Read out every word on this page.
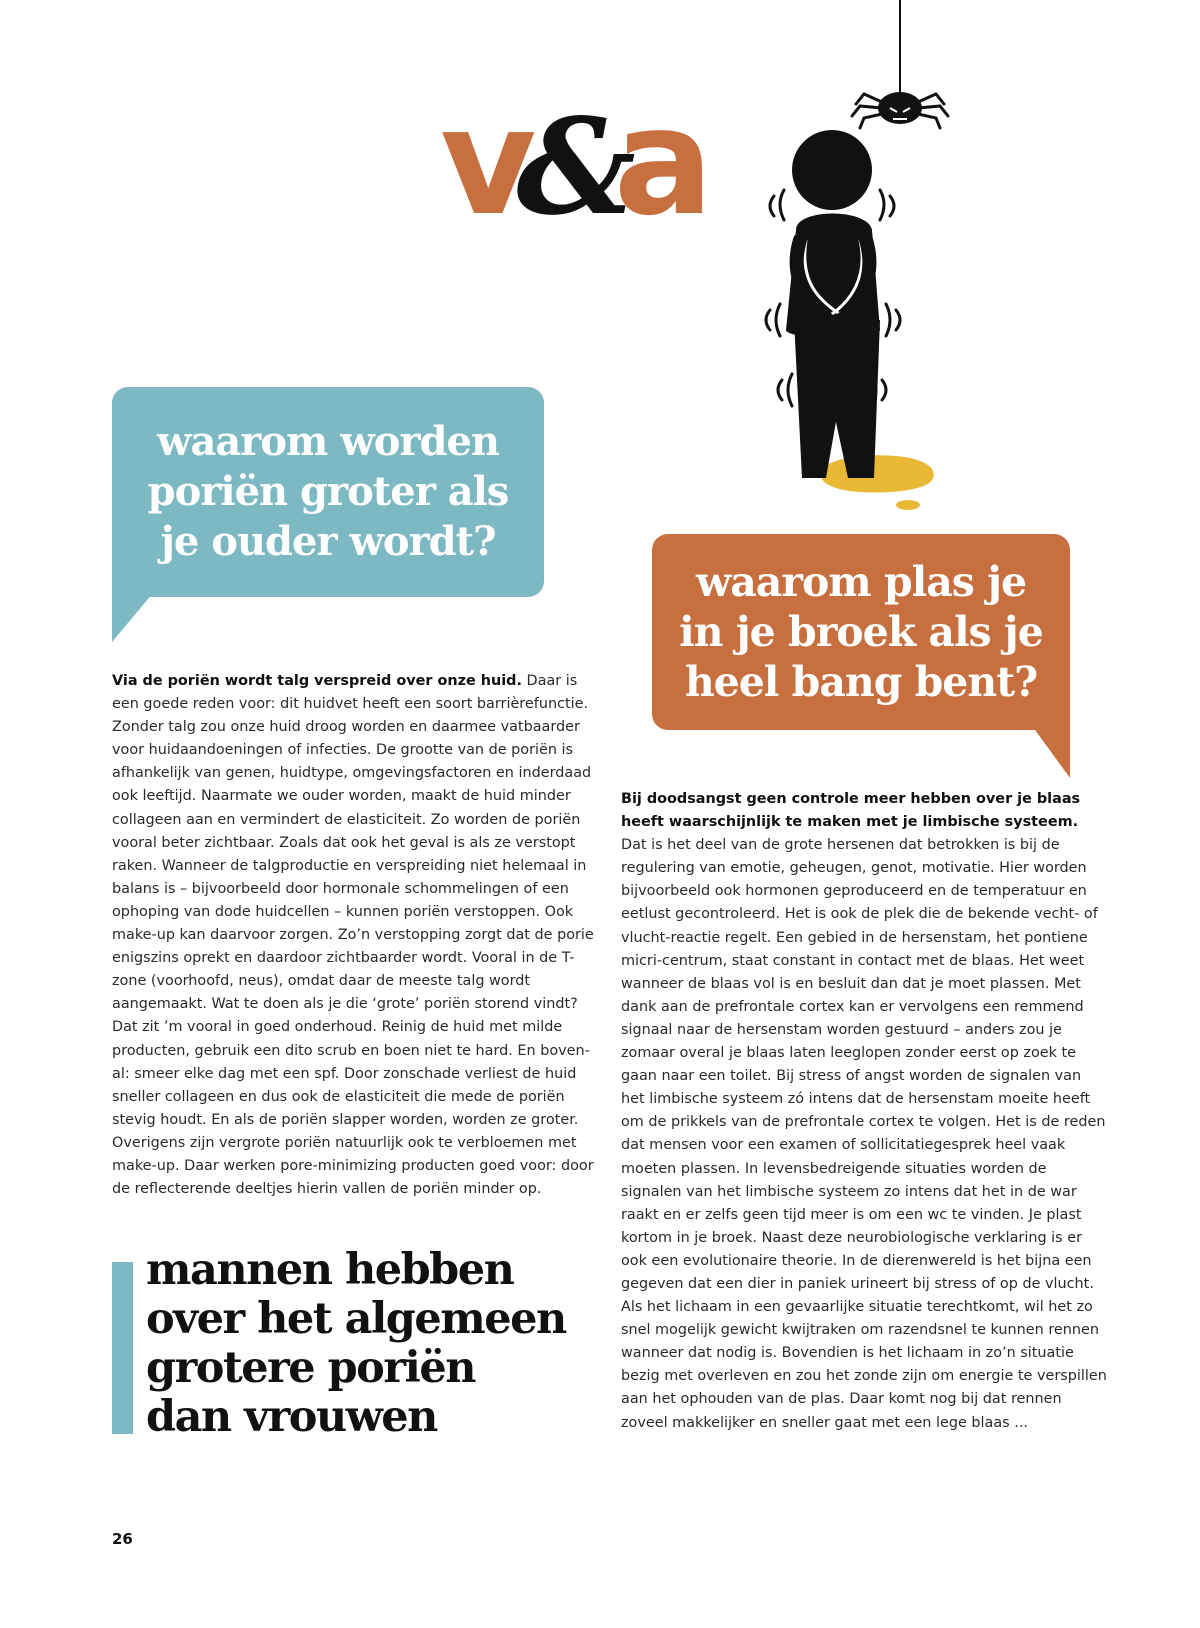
v&a
waarom worden
poriën groter als
je ouder wordt?
waarom plas je
in je broek als je
heel bang bent?
Via de poriën wordt talg verspreid over onze huid. Daar is een goede reden voor: dit huidvet heeft een soort barrièrefunctie. Zonder talg zou onze huid droog worden en daarmee vatbaarder voor huidaandoeningen of infecties. De grootte van de poriën is afhankelijk van genen, huidtype, omgevingsfactoren en inderdaad ook leeftijd. Naarmate we ouder worden, maakt de huid minder collageen aan en vermindert de elasticiteit. Zo worden de poriën vooral beter zichtbaar. Zoals dat ook het geval is als ze verstopt raken. Wanneer de talgproductie en verspreiding niet helemaal in balans is – bijvoorbeeld door hormonale schommelingen of een ophoping van dode huidcellen – kunnen poriën verstoppen. Ook make-up kan daarvoor zorgen. Zo’n verstopping zorgt dat de porie enigszins oprekt en daardoor zichtbaarder wordt. Vooral in de T-zone (voorhoofd, neus), omdat daar de meeste talg wordt aangemaakt. Wat te doen als je die ‘grote’ poriën storend vindt? Dat zit ’m vooral in goed onderhoud. Reinig de huid met milde producten, gebruik een dito scrub en boen niet te hard. En boven-al: smeer elke dag met een spf. Door zonschade verliest de huid sneller collageen en dus ook de elasticiteit die mede de poriën stevig houdt. En als de poriën slapper worden, worden ze groter. Overigens zijn vergrote poriën natuurlijk ook te verbloemen met make-up. Daar werken pore-minimizing producten goed voor: door de reflecterende deeltjes hierin vallen de poriën minder op.
Bij doodsangst geen controle meer hebben over je blaas heeft waarschijnlijk te maken met je limbische systeem. Dat is het deel van de grote hersenen dat betrokken is bij de regulering van emotie, geheugen, genot, motivatie. Hier worden bijvoorbeeld ook hormonen geproduceerd en de temperatuur en eetlust gecontroleerd. Het is ook de plek die de bekende vecht- of vlucht-reactie regelt. Een gebied in de hersenstam, het pontiene micri-centrum, staat constant in contact met de blaas. Het weet wanneer de blaas vol is en besluit dan dat je moet plassen. Met dank aan de prefrontale cortex kan er vervolgens een remmend signaal naar de hersenstam worden gestuurd – anders zou je zomaar overal je blaas laten leeglopen zonder eerst op zoek te gaan naar een toilet. Bij stress of angst worden de signalen van het limbische systeem zó intens dat de hersenstam moeite heeft om de prikkels van de prefrontale cortex te volgen. Het is de reden dat mensen voor een examen of sollicitatiegesprek heel vaak moeten plassen. In levensbedreigende situaties worden de signalen van het limbische systeem zo intens dat het in de war raakt en er zelfs geen tijd meer is om een wc te vinden. Je plast kortom in je broek. Naast deze neurobiologische verklaring is er ook een evolutionaire theorie. In de dierenwereld is het bijna een gegeven dat een dier in paniek urineert bij stress of op de vlucht. Als het lichaam in een gevaarlijke situatie terechtkomt, wil het zo snel mogelijk gewicht kwijtraken om razendsnel te kunnen rennen wanneer dat nodig is. Bovendien is het lichaam in zo’n situatie bezig met overleven en zou het zonde zijn om energie te verspillen aan het ophouden van de plas. Daar komt nog bij dat rennen zoveel makkelijker en sneller gaat met een lege blaas ...
mannen hebben
over het algemeen
grotere poriën
dan vrouwen
26
